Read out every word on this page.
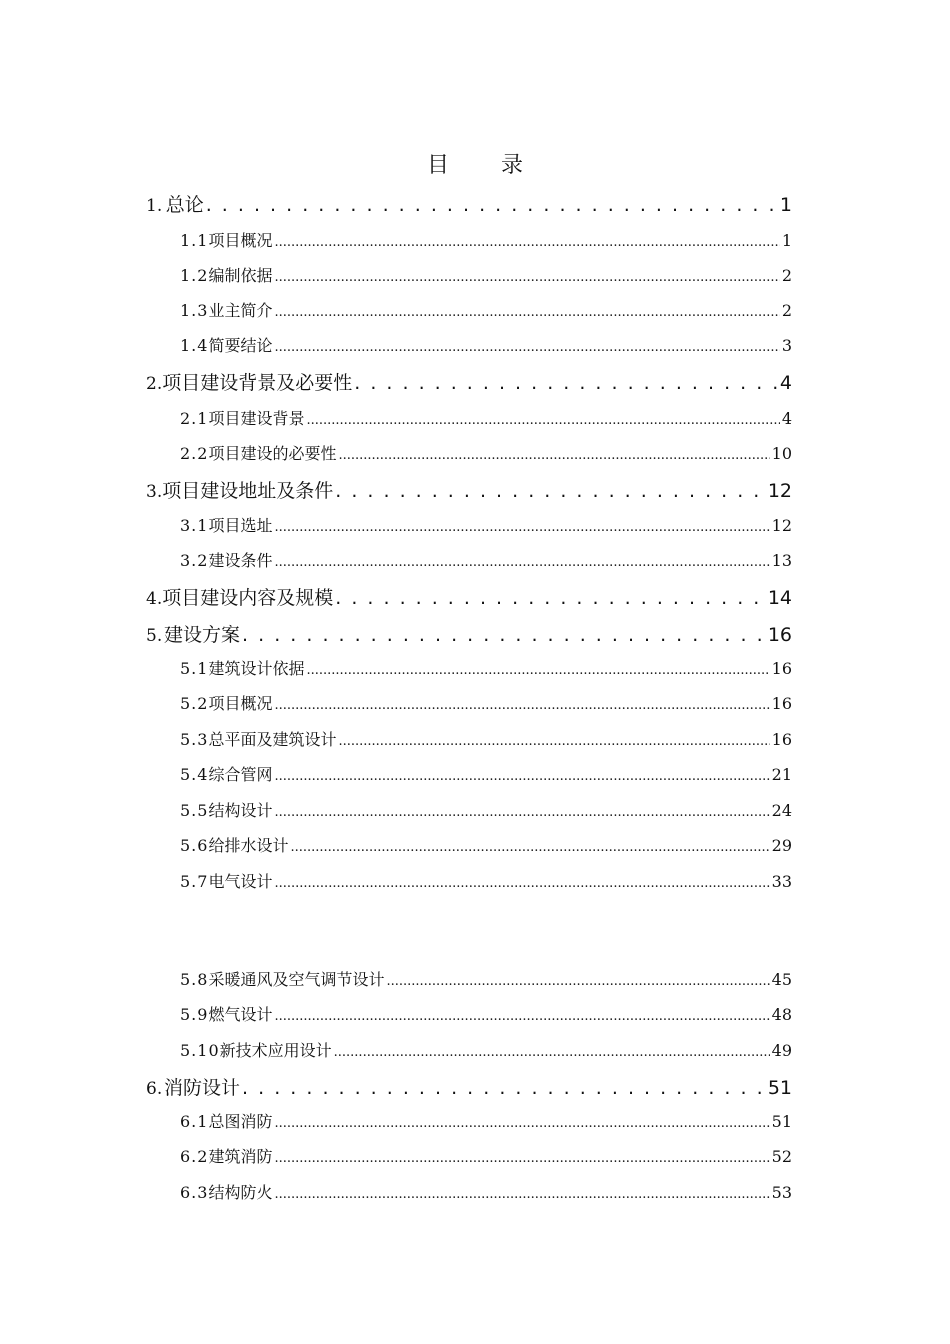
目录
1. 总论 . . .	1
1.1 项目概况 .....	1
1.2 编制依据 .....	2
1.3 业主简介 .....	2
1.4 简要结论 .....	3
2. 项目建设背景及必要性 . . .	4
2.1 项目建设背景 .....	4
2.2 项目建设的必要性 .....	10
3. 项目建设地址及条件 . . .	12
3.1 项目选址 .....	12
3.2 建设条件 .....	13
4. 项目建设内容及规模 . . .	14
5. 建设方案 . . .	16
5.1 建筑设计依据 .....	16
5.2 项目概况 .....	16
5.3 总平面及建筑设计 .....	16
5.4 综合管网 .....	21
5.5 结构设计 .....	24
5.6 给排水设计 .....	29
5.7 电气设计 .....	33
5.8 采暖通风及空气调节设计 .....	45
5.9 燃气设计 .....	48
5.10 新技术应用设计 .....	49
6. 消防设计 . . .	51
6.1 总图消防 .....	51
6.2 建筑消防 .....	52
6.3 结构防火 .....	53
